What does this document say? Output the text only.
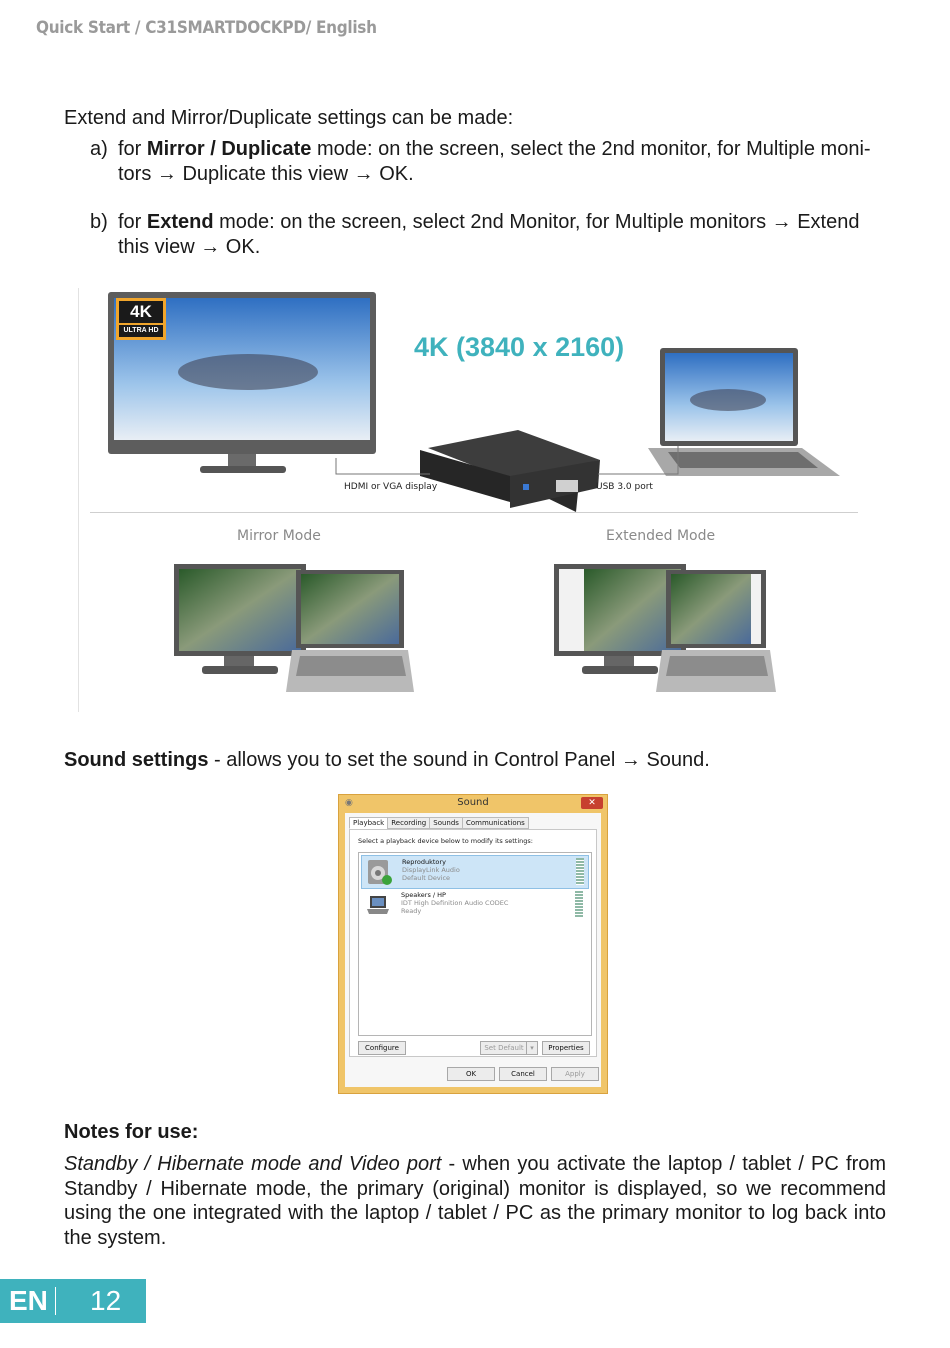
Quick Start / C31SMARTDOCKPD/ English
Extend and Mirror/Duplicate settings can be made:
a) for Mirror / Duplicate mode: on the screen, select the 2nd monitor, for Multiple moni-tors → Duplicate this view → OK.
b) for Extend mode: on the screen, select 2nd Monitor, for Multiple monitors → Extend this view → OK.
4K
ULTRA HD
4K (3840 x 2160)
HDMI or VGA display	USB 3.0 port
Mirror Mode	Extended Mode
Sound settings - allows you to set the sound in Control Panel → Sound.
◉	Sound	✕
Playback Recording Sounds Communications
Select a playback device below to modify its settings:
Reproduktory
DisplayLink Audio
Default Device
Speakers / HP
IDT High Definition Audio CODEC
Ready
Configure	Set Default ▾	Properties
OK	Cancel	Apply
Notes for use:
Standby / Hibernate mode and Video port - when you activate the laptop / tablet / PC from Standby / Hibernate mode, the primary (original) monitor is displayed, so we recommend using the one integrated with the laptop / tablet / PC as the primary monitor to log back into the system.
EN 12
